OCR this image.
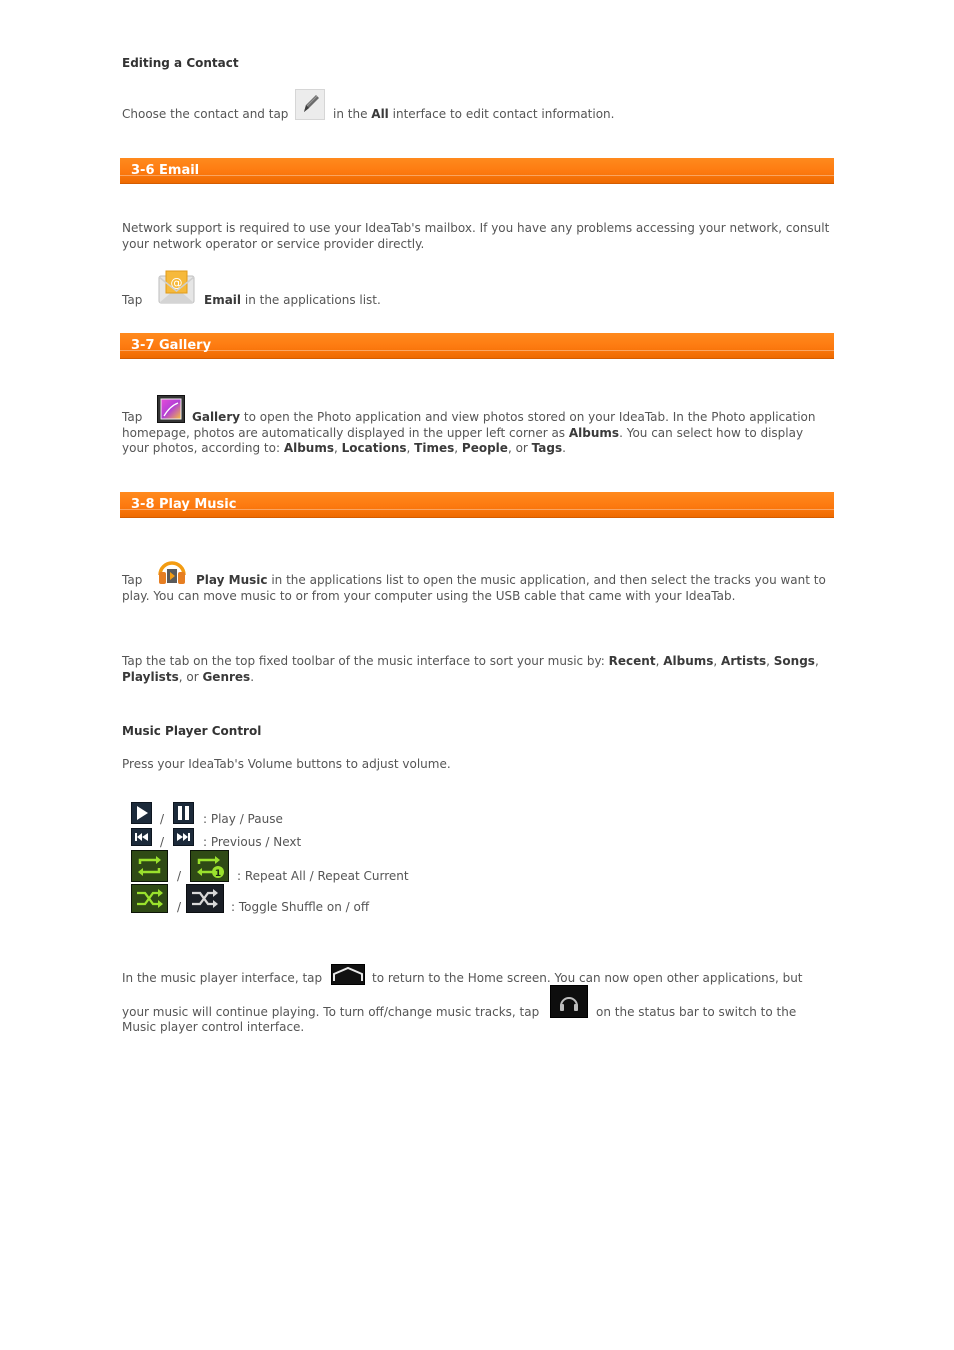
Editing a Contact
Choose the contact and tap	in the All interface to edit contact information.
3-6 Email

Network support is required to use your IdeaTab's mailbox. If you have any problems accessing your network, consult your network operator or service provider directly.

Tap
@
Email in the applications list.
3-7 Gallery

Gallery to open the Photo application and view photos stored on your IdeaTab. In the Photo application homepage, photos are automatically displayed in the upper left corner as Albums. You can select how to display your photos, according to: Albums, Locations, Times, People, or Tags.

Tap
3-8 Play Music

Play Music in the applications list to open the music application, and then select the tracks you want to play. You can move music to or from your computer using the USB cable that came with your IdeaTab.

Tap

Tap the tab on the top fixed toolbar of the music interface to sort your music by: Recent, Albums, Artists, Songs, Playlists, or Genres.

Music Player Control
Press your IdeaTab's Volume buttons to adjust volume.
/	: Play / Pause
/	: Previous / Next
/	1 : Repeat All / Repeat Current
/	: Toggle Shuffle on / off
In the music player interface, tap	to return to the Home screen. You can now open other applications, but
your music will continue playing. To turn off/change music tracks, tap	on the status bar to switch to the
Music player control interface.
